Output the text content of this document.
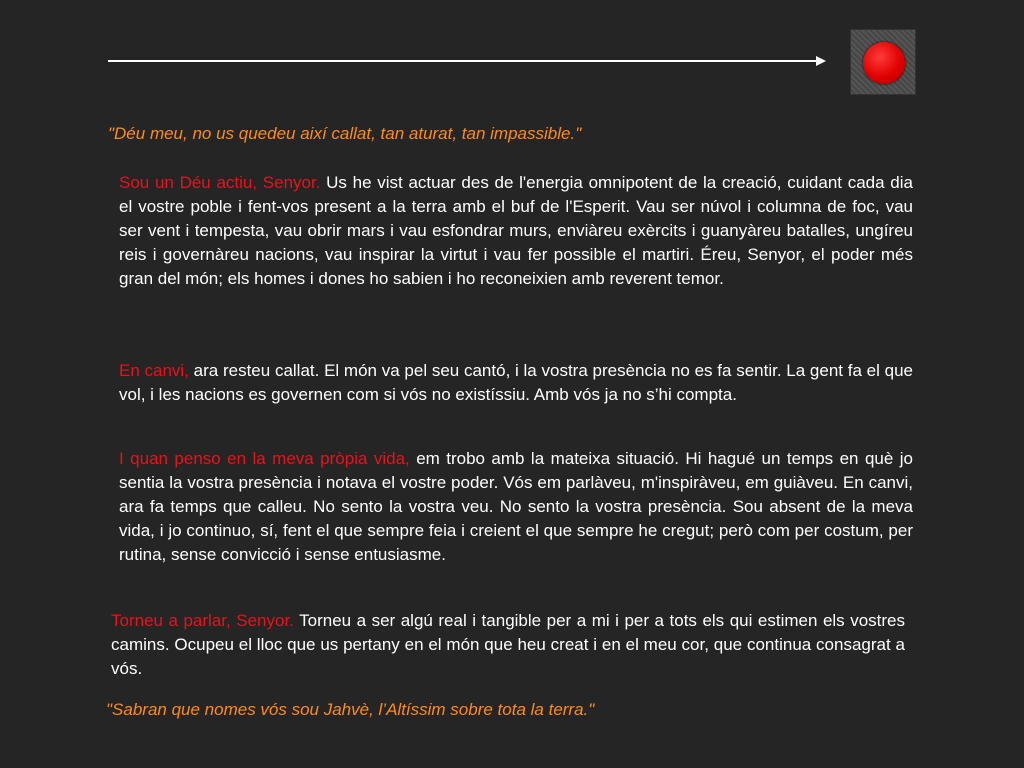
"Déu meu, no us quedeu així callat, tan aturat, tan impassible."

Sou un Déu actiu, Senyor. Us he vist actuar des de l'energia omnipotent de la creació, cuidant cada dia el vostre poble i fent-vos present a la terra amb el buf de l'Esperit. Vau ser núvol i columna de foc, vau ser vent i tempesta, vau obrir mars i vau esfondrar murs, enviàreu exèrcits i guanyàreu batalles, ungíreu reis i governàreu nacions, vau inspirar la virtut i vau fer possible el martiri. Éreu, Senyor, el poder més gran del món; els homes i dones ho sabien i ho reconeixien amb reverent temor.

En canvi, ara resteu callat. El món va pel seu cantó, i la vostra presència no es fa sentir. La gent fa el que vol, i les nacions es governen com si vós no existíssiu. Amb vós ja no s’hi compta.

I quan penso en la meva pròpia vida, em trobo amb la mateixa situació. Hi hagué un temps en què jo sentia la vostra presència i notava el vostre poder. Vós em parlàveu, m'inspiràveu, em guiàveu. En canvi, ara fa temps que calleu. No sento la vostra veu. No sento la vostra presència. Sou absent de la meva vida, i jo continuo, sí, fent el que sempre feia i creient el que sempre he cregut; però com per costum, per rutina, sense convicció i sense entusiasme.

Torneu a parlar, Senyor. Torneu a ser algú real i tangible per a mi i per a tots els qui estimen els vostres camins. Ocupeu el lloc que us pertany en el món que heu creat i en el meu cor, que continua consagrat a vós.

"Sabran que nomes vós sou Jahvè, l’Altíssim sobre tota la terra."
